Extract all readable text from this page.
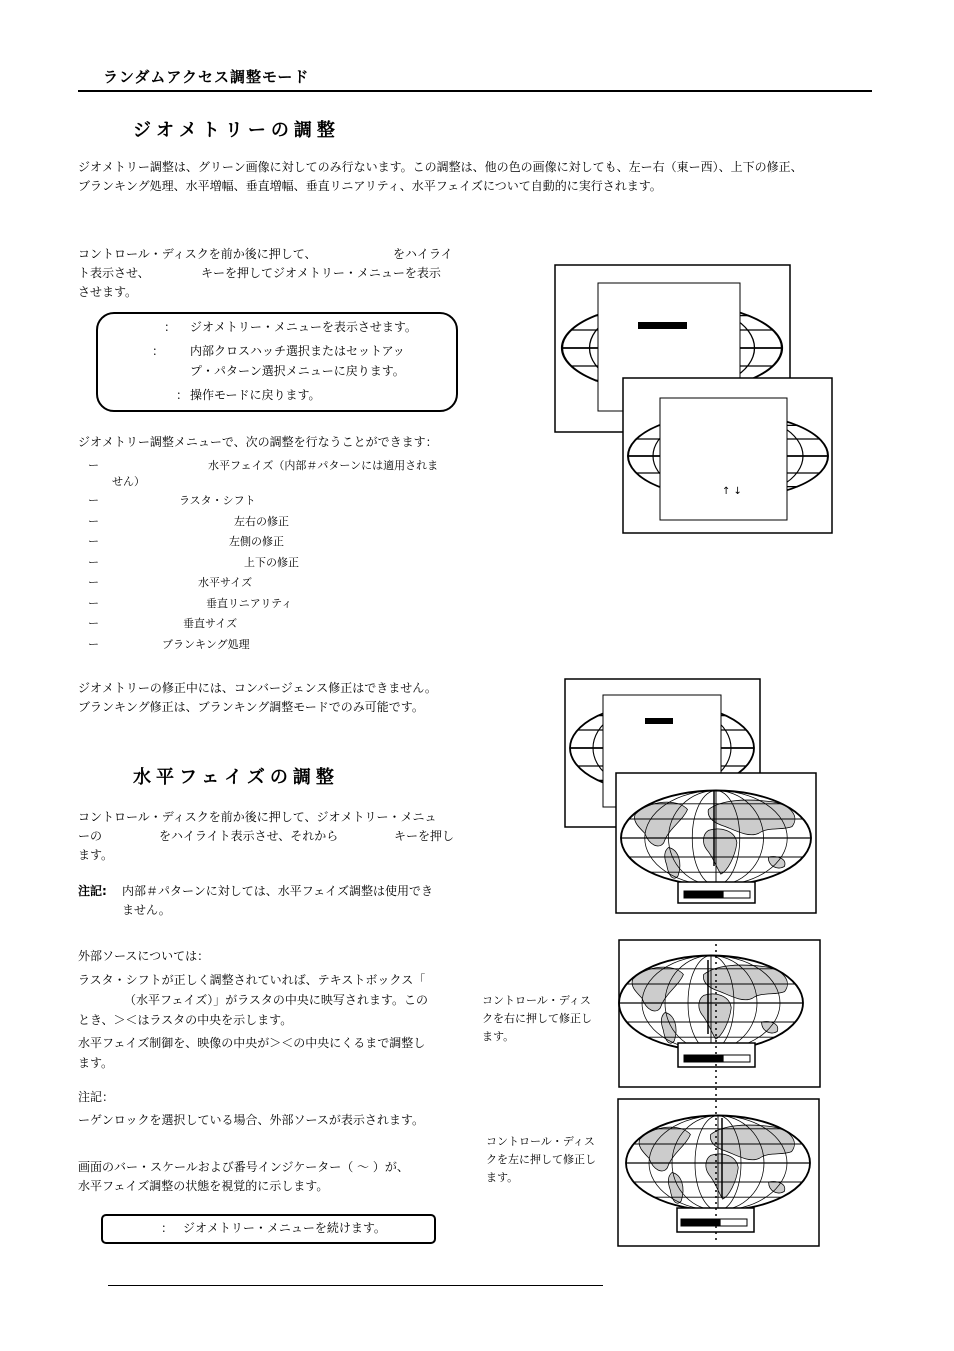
ランダムアクセス調整モード
ジオメトリーの調整
ジオメトリー調整は、グリーン画像に対してのみ行ないます。この調整は、他の色の画像に対しても、左ー右（東ー西）、上下の修正、
ブランキング処理、水平増幅、垂直増幅、垂直リニアリティ、水平フェイズについて自動的に実行されます。
コントロール・ディスクを前か後に押して、	をハイライ
ト表示させ、	キーを押してジオメトリー・メニューを表示
させます。
： ジオメトリー・メニューを表示させます。
： 内部クロスハッチ選択またはセットアッ
プ・パターン選択メニューに戻ります。
： 操作モードに戻ります。
ジオメトリー調整メニューで、次の調整を行なうことができます：
ー	水平フェイズ（内部＃パターンには適用されま
せん）
ー	ラスタ・シフト
ー	左右の修正
ー	左側の修正
ー	上下の修正
ー	水平サイズ
ー	垂直リニアリティ
ー	垂直サイズ
ー	ブランキング処理
ジオメトリーの修正中には、コンバージェンス修正はできません。
ブランキング修正は、ブランキング調整モードでのみ可能です。
水平フェイズの調整
コントロール・ディスクを前か後に押して、ジオメトリー・メニュ
ーの	をハイライト表示させ、それから	キーを押し
ます。
注記: 内部＃パターンに対しては、水平フェイズ調整は使用でき
ません。
外部ソースについては：
ラスタ・シフトが正しく調整されていれば、テキストボックス「
（水平フェイズ）」がラスタの中央に映写されます。この
とき、＞＜はラスタの中央を示します。
水平フェイズ制御を、映像の中央が＞＜の中央にくるまで調整し
ます。
注記：
ーゲンロックを選択している場合、外部ソースが表示されます。
画面のバー・スケールおよび番号インジケーター（ ～ ）が、
水平フェイズ調整の状態を視覚的に示します。
： ジオメトリー・メニューを続けます。
コントロール・ディス
クを右に押して修正し
ます。
コントロール・ディス
クを左に押して修正し
ます。
↑ ↓
